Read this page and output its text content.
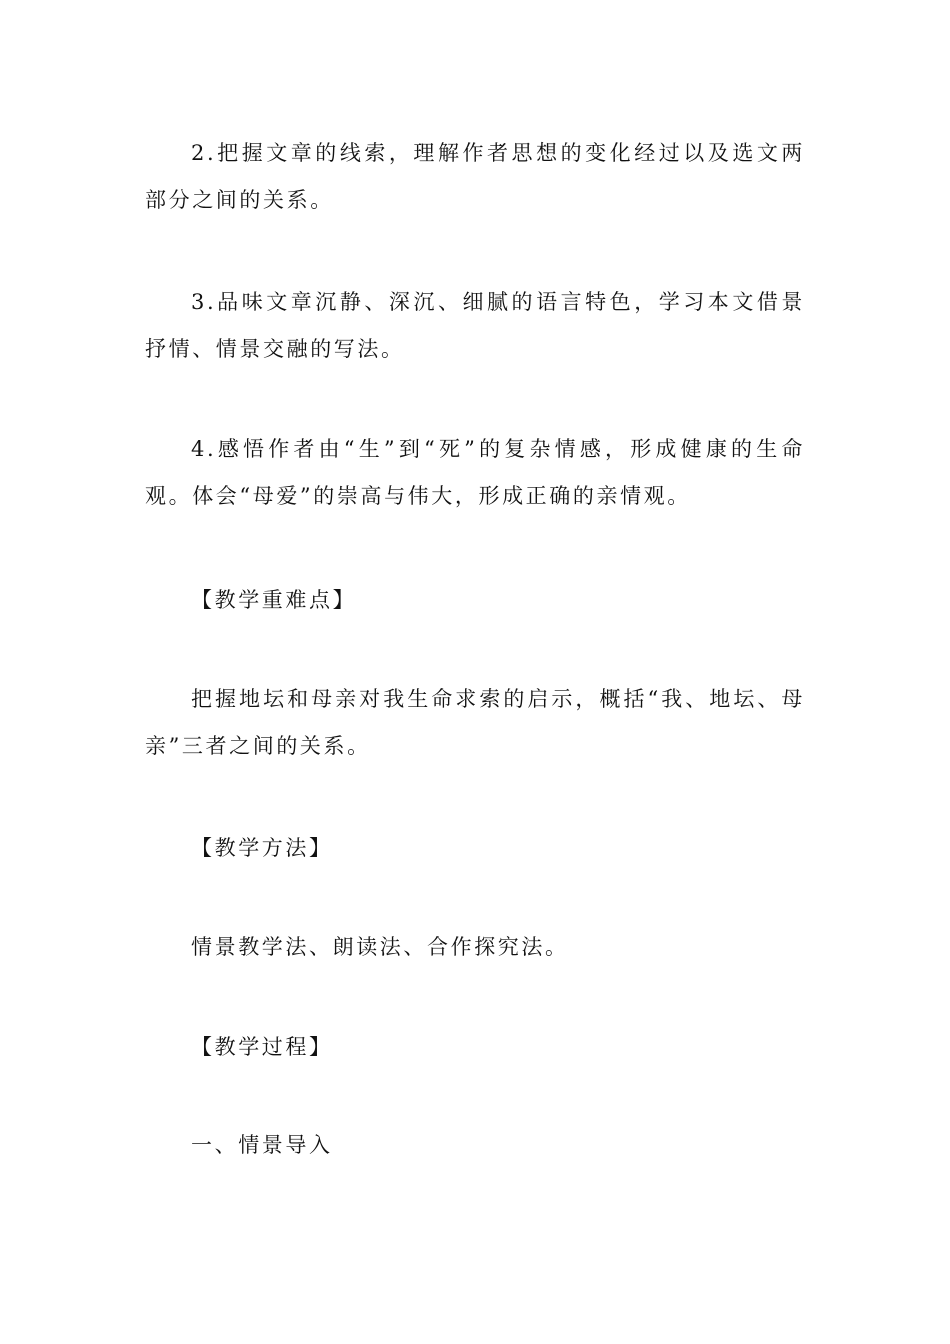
2.把握文章的线索，理解作者思想的变化经过以及选文两部分之间的关系。

3.品味文章沉静、深沉、细腻的语言特色，学习本文借景抒情、情景交融的写法。

4.感悟作者由“生”到“死”的复杂情感，形成健康的生命观。体会“母爱”的崇高与伟大，形成正确的亲情观。

【教学重难点】

把握地坛和母亲对我生命求索的启示，概括“我、地坛、母亲”三者之间的关系。

【教学方法】

情景教学法、朗读法、合作探究法。

【教学过程】

一、情景导入
